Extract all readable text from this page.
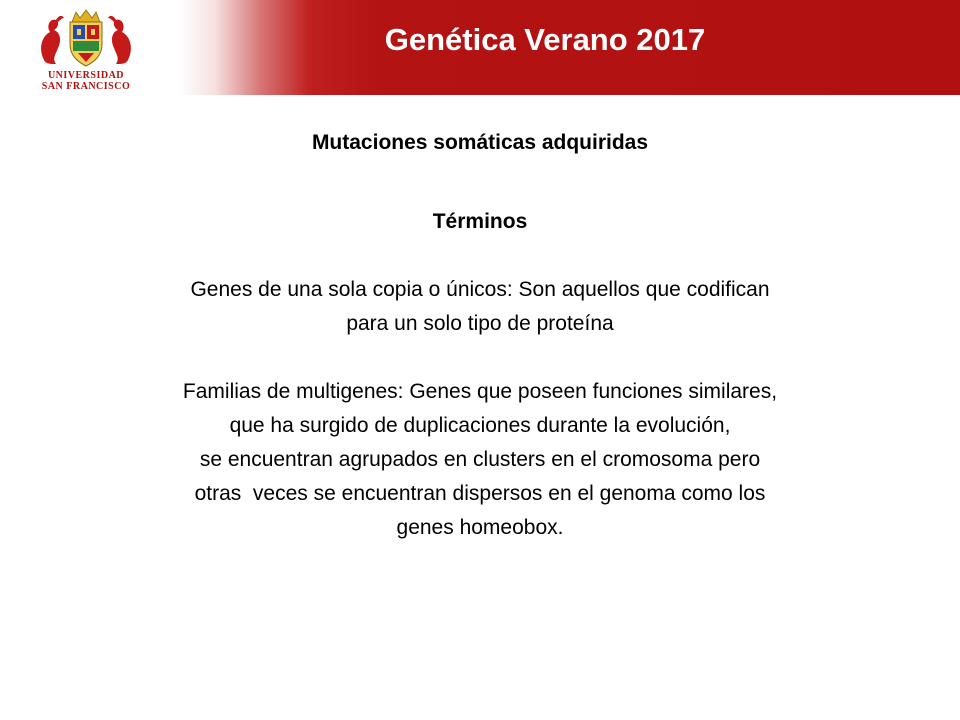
UNIVERSIDAD
SAN FRANCISCO
Genética Verano 2017

Mutaciones somáticas adquiridas

Términos

Genes de una sola copia o únicos: Son aquellos que codifican
para un solo tipo de proteína

Familias de multigenes: Genes que poseen funciones similares,
que ha surgido de duplicaciones durante la evolución,
se encuentran agrupados en clusters en el cromosoma pero
otras  veces se encuentran dispersos en el genoma como los
genes homeobox.
